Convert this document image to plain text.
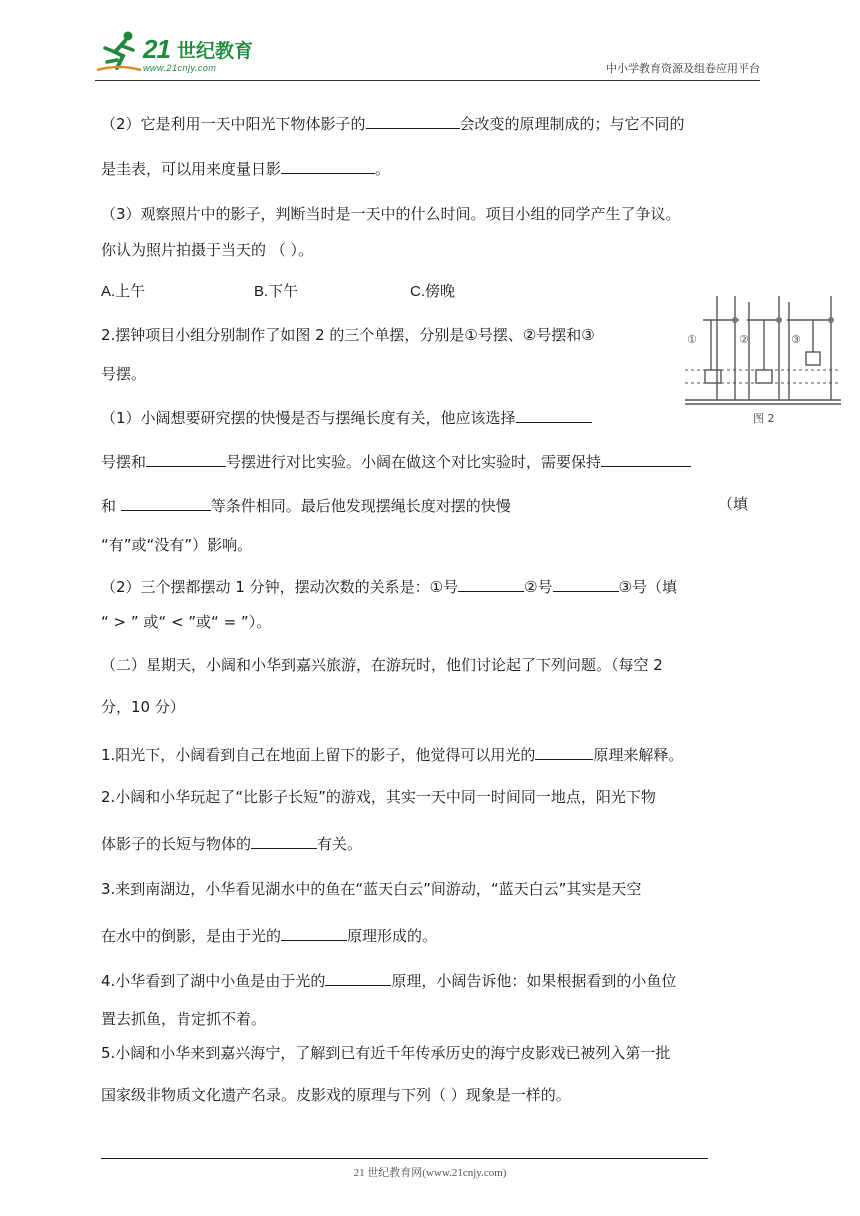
21 世纪教育
www.21cnjy.com	中小学教育资源及组卷应用平台
（2）它是利用一天中阳光下物体影子的	会改变的原理制成的；与它不同的
是圭表，可以用来度量日影	。
（3）观察照片中的影子，判断当时是一天中的什么时间。项目小组的同学产生了争议。
你认为照片拍摄于当天的 （ ）。
A.上午	B.下午	C.傍晚
2.摆钟项目小组分别制作了如图 2 的三个单摆，分别是①号摆、②号摆和③
号摆。
（1）小阔想要研究摆的快慢是否与摆绳长度有关，他应该选择
号摆和	号摆进行对比实验。小阔在做这个对比实验时，需要保持
和	等条件相同。最后他发现摆绳长度对摆的快慢	（填
“有”或“没有”）影响。
（2）三个摆都摆动 1 分钟，摆动次数的关系是：①号	②号	③号（填
“ > ” 或“ < ”或“ = ”）。
（二）星期天，小阔和小华到嘉兴旅游，在游玩时，他们讨论起了下列问题。（每空 2
分，10 分）
1.阳光下，小阔看到自己在地面上留下的影子，他觉得可以用光的	原理来解释。
2.小阔和小华玩起了“比影子长短”的游戏，其实一天中同一时间同一地点，阳光下物
体影子的长短与物体的	有关。
3.来到南湖边，小华看见湖水中的鱼在“蓝天白云”间游动，“蓝天白云”其实是天空
在水中的倒影，是由于光的	原理形成的。
4.小华看到了湖中小鱼是由于光的	原理，小阔告诉他：如果根据看到的小鱼位
置去抓鱼，肯定抓不着。
5.小阔和小华来到嘉兴海宁，了解到已有近千年传承历史的海宁皮影戏已被列入第一批
国家级非物质文化遗产名录。皮影戏的原理与下列（ ）现象是一样的。
①	②	③
图 2
21 世纪教育网(www.21cnjy.com)
